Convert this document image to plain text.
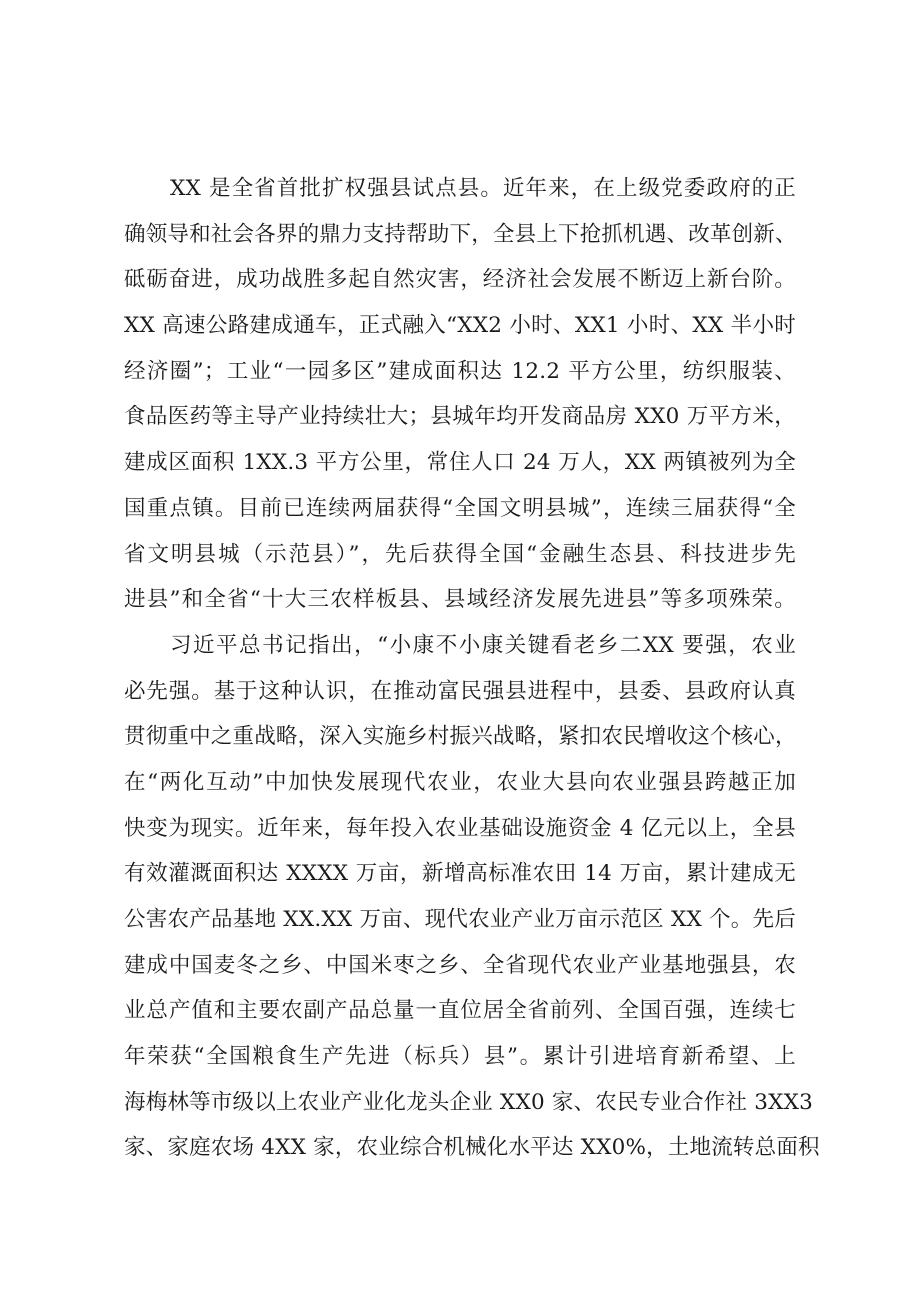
XX 是全省首批扩权强县试点县。近年来，在上级党委政府的正
确领导和社会各界的鼎力支持帮助下，全县上下抢抓机遇、改革创新、
砥砺奋进，成功战胜多起自然灾害，经济社会发展不断迈上新台阶。
XX 高速公路建成通车，正式融入“XX2 小时、XX1 小时、XX 半小时
经济圈”；工业“一园多区”建成面积达 12.2 平方公里，纺织服装、
食品医药等主导产业持续壮大；县城年均开发商品房 XX0 万平方米，
建成区面积 1XX.3 平方公里，常住人口 24 万人，XX 两镇被列为全
国重点镇。目前已连续两届获得“全国文明县城”，连续三届获得“全
省文明县城（示范县）”，先后获得全国“金融生态县、科技进步先
进县”和全省“十大三农样板县、县域经济发展先进县”等多项殊荣。
习近平总书记指出，“小康不小康关键看老乡二XX 要强，农业
必先强。基于这种认识，在推动富民强县进程中，县委、县政府认真
贯彻重中之重战略，深入实施乡村振兴战略，紧扣农民增收这个核心，
在“两化互动”中加快发展现代农业，农业大县向农业强县跨越正加
快变为现实。近年来，每年投入农业基础设施资金 4 亿元以上，全县
有效灌溉面积达 XXXX 万亩，新增高标准农田 14 万亩，累计建成无
公害农产品基地 XX.XX 万亩、现代农业产业万亩示范区 XX 个。先后
建成中国麦冬之乡、中国米枣之乡、全省现代农业产业基地强县，农
业总产值和主要农副产品总量一直位居全省前列、全国百强，连续七
年荣获“全国粮食生产先进（标兵）县”。累计引进培育新希望、上
海梅林等市级以上农业产业化龙头企业 XX0 家、农民专业合作社 3XX3
家、家庭农场 4XX 家，农业综合机械化水平达 XX0%，土地流转总面积
